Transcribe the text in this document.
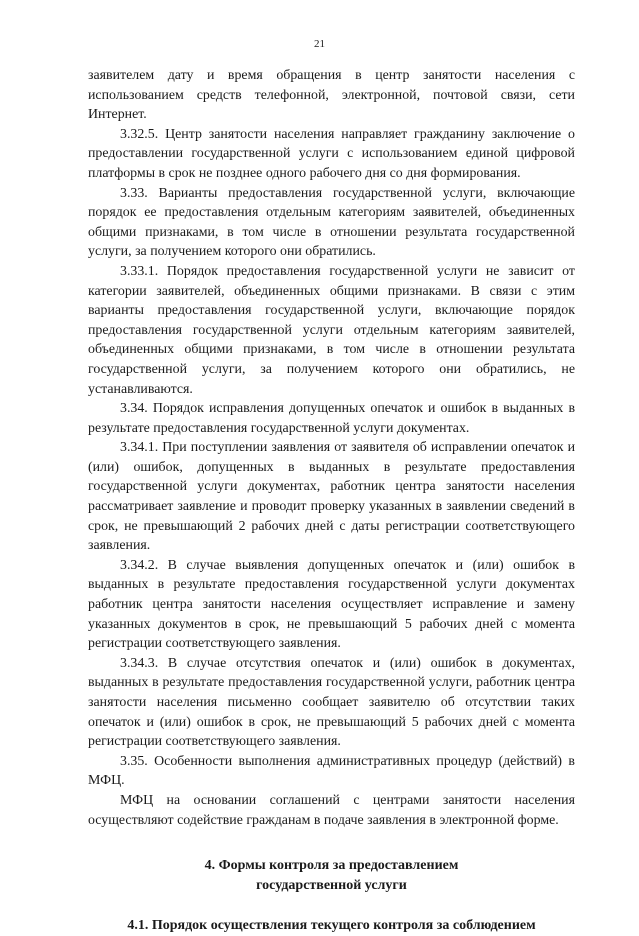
21

заявителем дату и время обращения в центр занятости населения с использованием средств телефонной, электронной, почтовой связи, сети Интернет.

3.32.5. Центр занятости населения направляет гражданину заключение о предоставлении государственной услуги с использованием единой цифровой платформы в срок не позднее одного рабочего дня со дня формирования.

3.33. Варианты предоставления государственной услуги, включающие порядок ее предоставления отдельным категориям заявителей, объединенных общими признаками, в том числе в отношении результата государственной услуги, за получением которого они обратились.

3.33.1. Порядок предоставления государственной услуги не зависит от категории заявителей, объединенных общими признаками. В связи с этим варианты предоставления государственной услуги, включающие порядок предоставления государственной услуги отдельным категориям заявителей, объединенных общими признаками, в том числе в отношении результата государственной услуги, за получением которого они обратились, не устанавливаются.

3.34. Порядок исправления допущенных опечаток и ошибок в выданных в результате предоставления государственной услуги документах.

3.34.1. При поступлении заявления от заявителя об исправлении опечаток и (или) ошибок, допущенных в выданных в результате предоставления государственной услуги документах, работник центра занятости населения рассматривает заявление и проводит проверку указанных в заявлении сведений в срок, не превышающий 2 рабочих дней с даты регистрации соответствующего заявления.

3.34.2. В случае выявления допущенных опечаток и (или) ошибок в выданных в результате предоставления государственной услуги документах работник центра занятости населения осуществляет исправление и замену указанных документов в срок, не превышающий 5 рабочих дней с момента регистрации соответствующего заявления.

3.34.3. В случае отсутствия опечаток и (или) ошибок в документах, выданных в результате предоставления государственной услуги, работник центра занятости населения письменно сообщает заявителю об отсутствии таких опечаток и (или) ошибок в срок, не превышающий 5 рабочих дней с момента регистрации соответствующего заявления.

3.35. Особенности выполнения административных процедур (действий) в МФЦ.

МФЦ на основании соглашений с центрами занятости населения осуществляют содействие гражданам в подаче заявления в электронной форме.

4. Формы контроля за предоставлением
государственной услуги
4.1. Порядок осуществления текущего контроля за соблюдением
